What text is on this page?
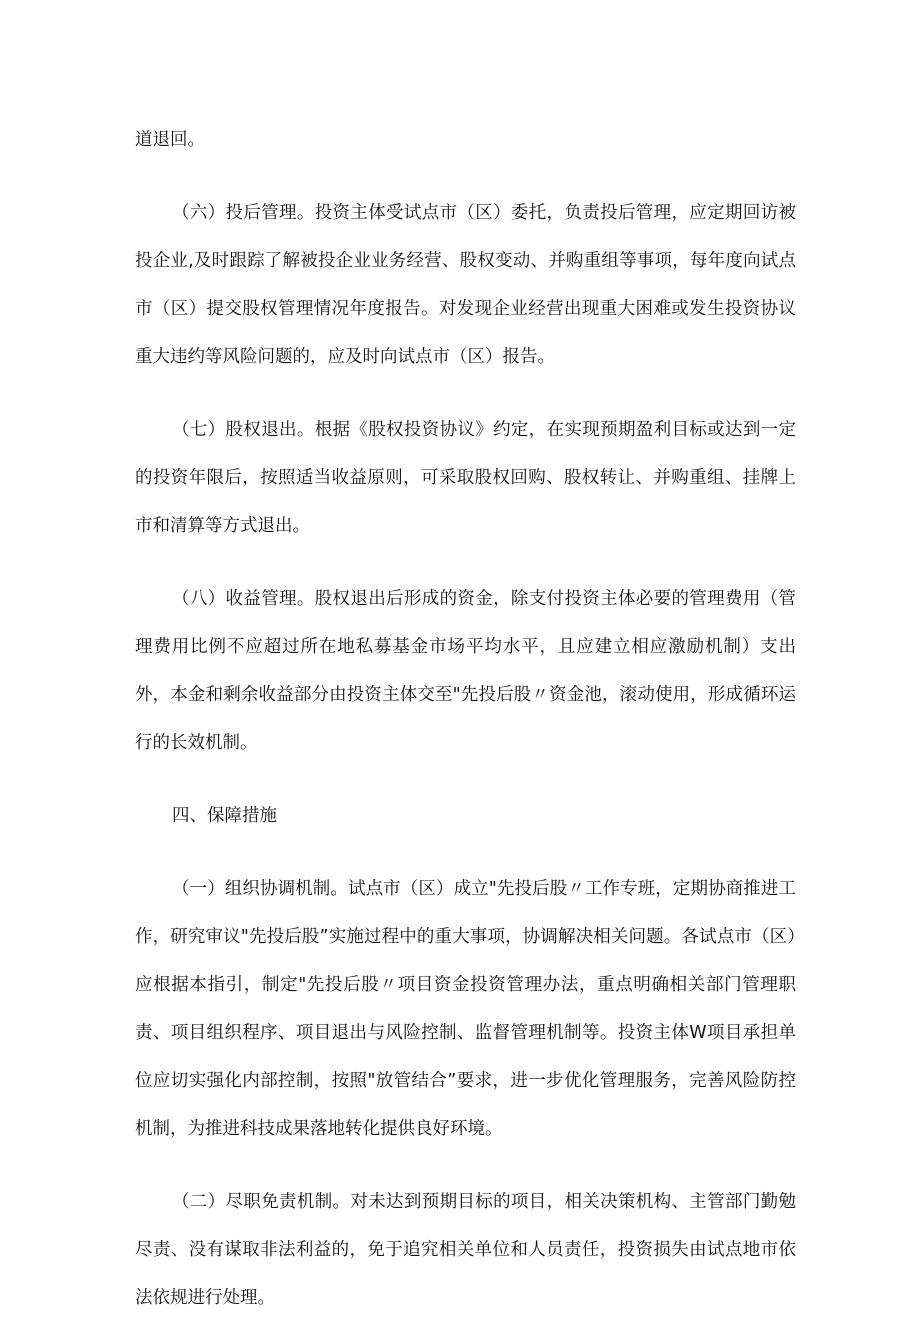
道退回。

（六）投后管理。投资主体受试点市（区）委托，负责投后管理，应定期回访被投企业,及时跟踪了解被投企业业务经营、股权变动、并购重组等事项，每年度向试点市（区）提交股权管理情况年度报告。对发现企业经营出现重大困难或发生投资协议重大违约等风险问题的，应及时向试点市（区）报告。

（七）股权退出。根据《股权投资协议》约定，在实现预期盈利目标或达到一定的投资年限后，按照适当收益原则，可采取股权回购、股权转让、并购重组、挂牌上市和清算等方式退出。

（八）收益管理。股权退出后形成的资金，除支付投资主体必要的管理费用（管理费用比例不应超过所在地私募基金市场平均水平，且应建立相应激励机制）支出外，本金和剩余收益部分由投资主体交至"先投后股〃资金池，滚动使用，形成循环运行的长效机制。

四、保障措施

（一）组织协调机制。试点市（区）成立"先投后股〃工作专班，定期协商推进工作，研究审议"先投后股”实施过程中的重大事项，协调解决相关问题。各试点市（区）应根据本指引，制定"先投后股〃项目资金投资管理办法，重点明确相关部门管理职责、项目组织程序、项目退出与风险控制、监督管理机制等。投资主体W项目承担单位应切实强化内部控制，按照"放管结合”要求，进一步优化管理服务，完善风险防控机制，为推进科技成果落地转化提供良好环境。

（二）尽职免责机制。对未达到预期目标的项目，相关决策机构、主管部门勤勉尽责、没有谋取非法利益的，免于追究相关单位和人员责任，投资损失由试点地市依法依规进行处理。
